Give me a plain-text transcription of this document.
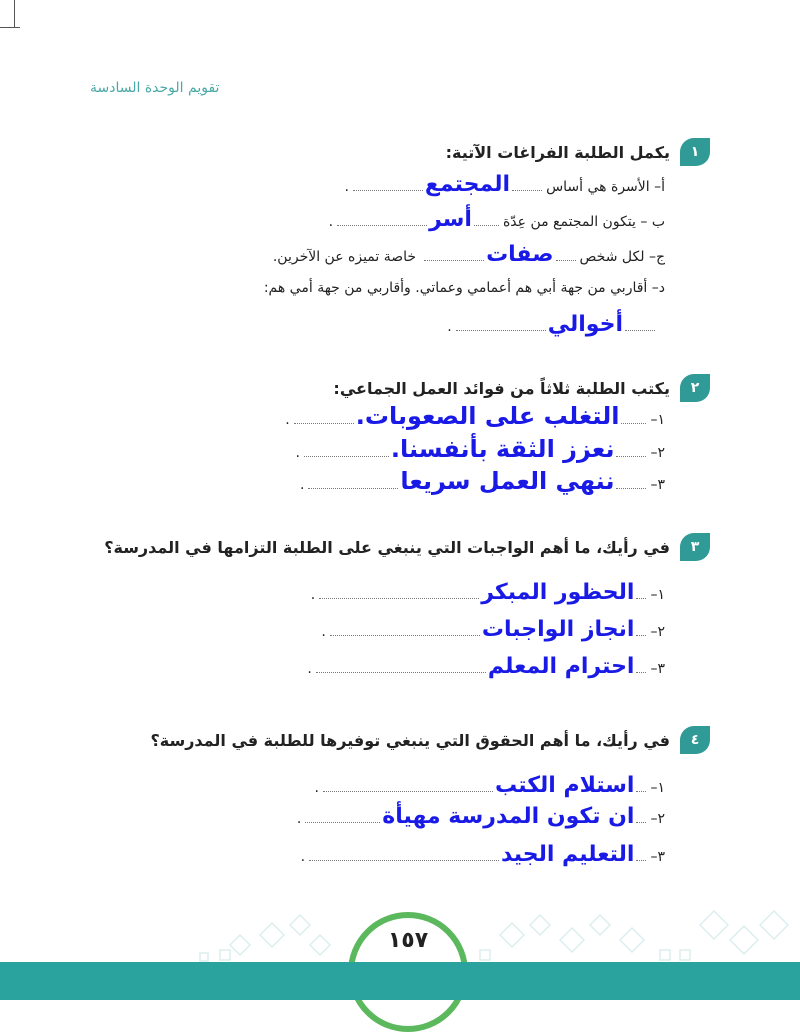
تقويم الوحدة السادسة
١
يكمل الطلبة الفراغات الآتية:
أ– الأسرة هي أساس
المجتمع
.
ب – يتكون المجتمع من عِدّة
أسر
.
ج– لكل شخص
صفات
خاصة تميزه عن الآخرين.
د– أقاربي من جهة أبي هم أعمامي وعماتي. وأقاربي من جهة أمي هم:
أخوالي
.
٢
يكتب الطلبة ثلاثاً من فوائد العمل الجماعي:
١–
التغلب على الصعوبات.
.
٢–
نعزز الثقة بأنفسنا.
.
٣–
ننهي العمل سريعا
.
٣
في رأيك، ما أهم الواجبات التي ينبغي على الطلبة التزامها في المدرسة؟
١–
الحظور المبكر
.
٢–
انجاز الواجبات
.
٣–
احترام المعلم
.
٤
في رأيك، ما أهم الحقوق التي ينبغي توفيرها للطلبة في المدرسة؟
١–
استلام الكتب
.
٢–
ان تكون المدرسة مهيأة
.
٣–
التعليم الجيد
.
١٥٧
